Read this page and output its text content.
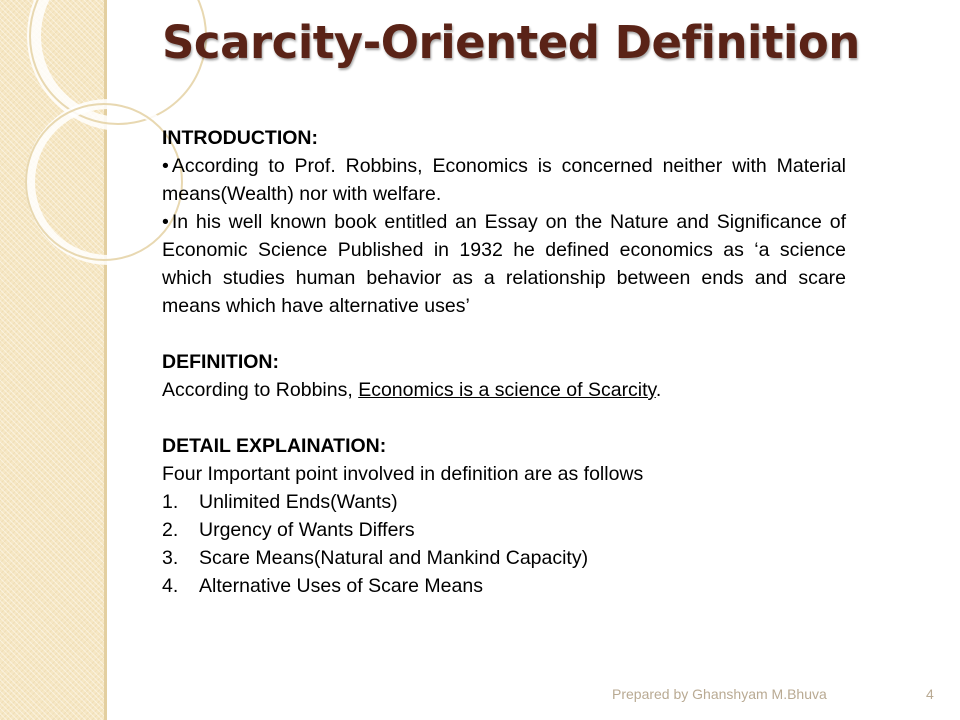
Scarcity-Oriented Definition
INTRODUCTION:
• According to Prof. Robbins, Economics is concerned neither with Material means(Wealth) nor with welfare.
• In his well known book entitled an Essay on the Nature and Significance of Economic Science Published in 1932 he defined economics as ‘a science which studies human behavior as a relationship between ends and scare means which have alternative uses’
DEFINITION:
According to Robbins, Economics is a science of Scarcity.
DETAIL EXPLAINATION:
Four Important point involved in definition are as follows
1.	Unlimited Ends(Wants)
2.	Urgency of Wants Differs
3.	Scare Means(Natural and Mankind Capacity)
4.	Alternative Uses of Scare Means
Prepared by Ghanshyam M.Bhuva	4
